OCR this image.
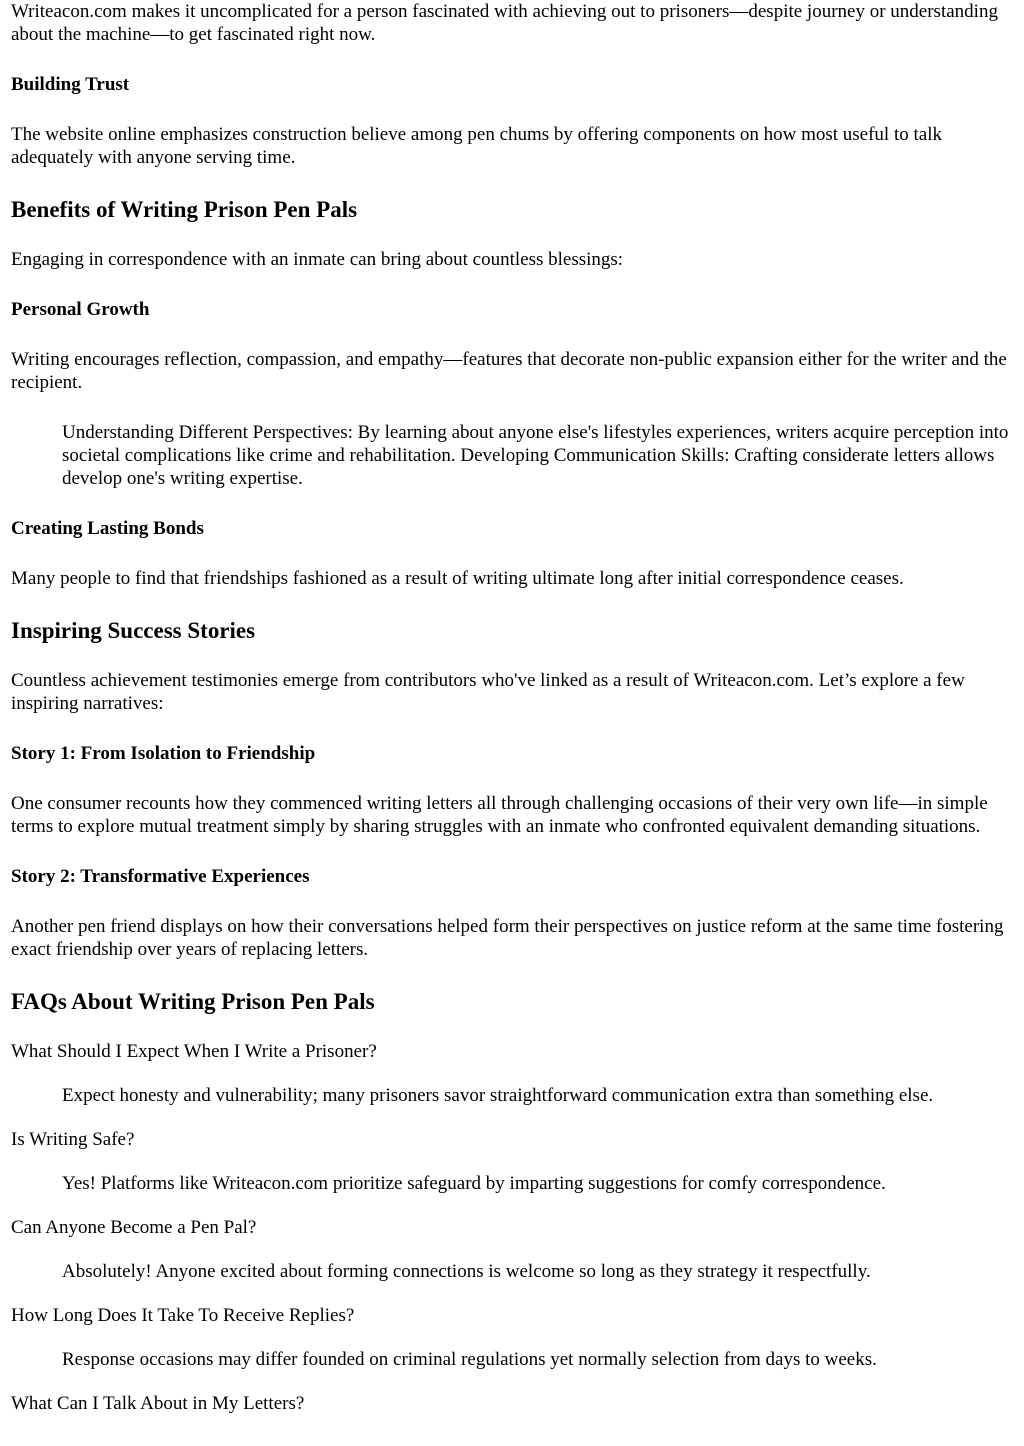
Writeacon.com makes it uncomplicated for a person fascinated with achieving out to prisoners—despite journey or understanding about the machine—to get fascinated right now.

Building Trust

The website online emphasizes construction believe among pen chums by offering components on how most useful to talk adequately with anyone serving time.

Benefits of Writing Prison Pen Pals

Engaging in correspondence with an inmate can bring about countless blessings:

Personal Growth

Writing encourages reflection, compassion, and empathy—features that decorate non-public expansion either for the writer and the recipient.

Understanding Different Perspectives: By learning about anyone else's lifestyles experiences, writers acquire perception into societal complications like crime and rehabilitation. Developing Communication Skills: Crafting considerate letters allows develop one's writing expertise.
Creating Lasting Bonds

Many people to find that friendships fashioned as a result of writing ultimate long after initial correspondence ceases.

Inspiring Success Stories

Countless achievement testimonies emerge from contributors who've linked as a result of Writeacon.com. Let’s explore a few inspiring narratives:

Story 1: From Isolation to Friendship

One consumer recounts how they commenced writing letters all through challenging occasions of their very own life—in simple terms to explore mutual treatment simply by sharing struggles with an inmate who confronted equivalent demanding situations.

Story 2: Transformative Experiences

Another pen friend displays on how their conversations helped form their perspectives on justice reform at the same time fostering exact friendship over years of replacing letters.

FAQs About Writing Prison Pen Pals
What Should I Expect When I Write a Prisoner?
Expect honesty and vulnerability; many prisoners savor straightforward communication extra than something else.
Is Writing Safe?
Yes! Platforms like Writeacon.com prioritize safeguard by imparting suggestions for comfy correspondence.
Can Anyone Become a Pen Pal?
Absolutely! Anyone excited about forming connections is welcome so long as they strategy it respectfully.
How Long Does It Take To Receive Replies?
Response occasions may differ founded on criminal regulations yet normally selection from days to weeks.
What Can I Talk About in My Letters?
